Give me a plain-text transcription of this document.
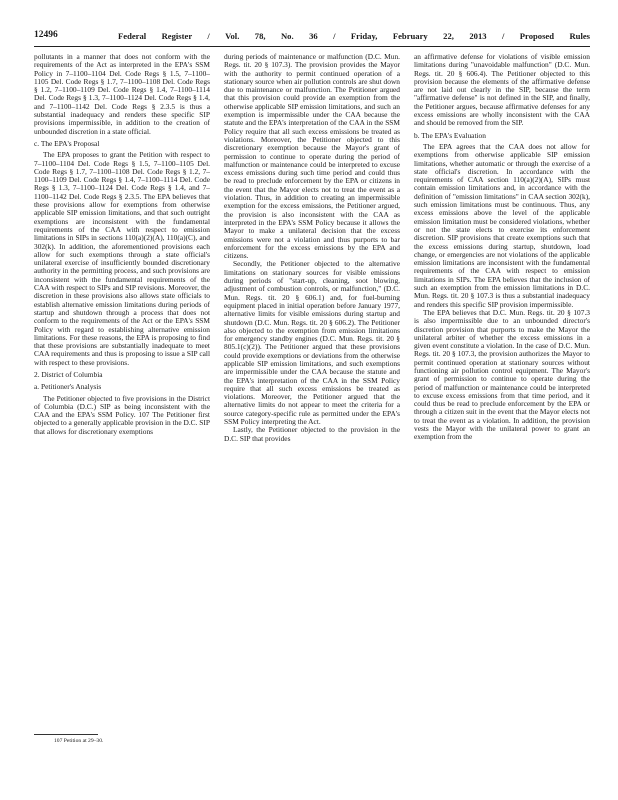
12496	Federal Register / Vol. 78, No. 36 / Friday, February 22, 2013 / Proposed Rules

pollutants in a manner that does not conform with the requirements of the Act as interpreted in the EPA's SSM Policy in 7–1100–1104 Del. Code Regs § 1.5, 7–1100–1105 Del. Code Regs § 1.7, 7–1100–1108 Del. Code Regs § 1.2, 7–1100–1109 Del. Code Regs § 1.4, 7–1100–1114 Del. Code Regs § 1.3, 7–1100–1124 Del. Code Regs § 1.4, and 7–1100–1142 Del. Code Regs § 2.3.5 is thus a substantial inadequacy and renders these specific SIP provisions impermissible, in addition to the creation of unbounded discretion in a state official.

c. The EPA's Proposal

The EPA proposes to grant the Petition with respect to 7–1100–1104 Del. Code Regs § 1.5, 7–1100–1105 Del. Code Regs § 1.7, 7–1100–1108 Del. Code Regs § 1.2, 7–1100–1109 Del. Code Regs § 1.4, 7–1100–1114 Del. Code Regs § 1.3, 7–1100–1124 Del. Code Regs § 1.4, and 7–1100–1142 Del. Code Regs § 2.3.5. The EPA believes that these provisions allow for exemptions from otherwise applicable SIP emission limitations, and that such outright exemptions are inconsistent with the fundamental requirements of the CAA with respect to emission limitations in SIPs in sections 110(a)(2)(A), 110(a)(C), and 302(k). In addition, the aforementioned provisions each allow for such exemptions through a state official's unilateral exercise of insufficiently bounded discretionary authority in the permitting process, and such provisions are inconsistent with the fundamental requirements of the CAA with respect to SIPs and SIP revisions. Moreover, the discretion in these provisions also allows state officials to establish alternative emission limitations during periods of startup and shutdown through a process that does not conform to the requirements of the Act or the EPA's SSM Policy with regard to establishing alternative emission limitations. For these reasons, the EPA is proposing to find that these provisions are substantially inadequate to meet CAA requirements and thus is proposing to issue a SIP call with respect to these provisions.

2. District of Columbia

a. Petitioner's Analysis

The Petitioner objected to five provisions in the District of Columbia (D.C.) SIP as being inconsistent with the CAA and the EPA's SSM Policy. 107 The Petitioner first objected to a generally applicable provision in the D.C. SIP that allows for discretionary exemptions

during periods of maintenance or malfunction (D.C. Mun. Regs. tit. 20 § 107.3). The provision provides the Mayor with the authority to permit continued operation of a stationary source when air pollution controls are shut down due to maintenance or malfunction. The Petitioner argued that this provision could provide an exemption from the otherwise applicable SIP emission limitations, and such an exemption is impermissible under the CAA because the statute and the EPA's interpretation of the CAA in the SSM Policy require that all such excess emissions be treated as violations. Moreover, the Petitioner objected to this discretionary exemption because the Mayor's grant of permission to continue to operate during the period of malfunction or maintenance could be interpreted to excuse excess emissions during such time period and could thus be read to preclude enforcement by the EPA or citizens in the event that the Mayor elects not to treat the event as a violation. Thus, in addition to creating an impermissible exemption for the excess emissions, the Petitioner argued, the provision is also inconsistent with the CAA as interpreted in the EPA's SSM Policy because it allows the Mayor to make a unilateral decision that the excess emissions were not a violation and thus purports to bar enforcement for the excess emissions by the EPA and citizens.

Secondly, the Petitioner objected to the alternative limitations on stationary sources for visible emissions during periods of "start-up, cleaning, soot blowing, adjustment of combustion controls, or malfunction," (D.C. Mun. Regs. tit. 20 § 606.1) and, for fuel-burning equipment placed in initial operation before January 1977, alternative limits for visible emissions during startup and shutdown (D.C. Mun. Regs. tit. 20 § 606.2). The Petitioner also objected to the exemption from emission limitations for emergency standby engines (D.C. Mun. Regs. tit. 20 § 805.1(c)(2)). The Petitioner argued that these provisions could provide exemptions or deviations from the otherwise applicable SIP emission limitations, and such exemptions are impermissible under the CAA because the statute and the EPA's interpretation of the CAA in the SSM Policy require that all such excess emissions be treated as violations. Moreover, the Petitioner argued that the alternative limits do not appear to meet the criteria for a source category-specific rule as permitted under the EPA's SSM Policy interpreting the Act.

Lastly, the Petitioner objected to the provision in the D.C. SIP that provides

an affirmative defense for violations of visible emission limitations during "unavoidable malfunction" (D.C. Mun. Regs. tit. 20 § 606.4). The Petitioner objected to this provision because the elements of the affirmative defense are not laid out clearly in the SIP, because the term "affirmative defense" is not defined in the SIP, and finally, the Petitioner argues, because affirmative defenses for any excess emissions are wholly inconsistent with the CAA and should be removed from the SIP.

b. The EPA's Evaluation

The EPA agrees that the CAA does not allow for exemptions from otherwise applicable SIP emission limitations, whether automatic or through the exercise of a state official's discretion. In accordance with the requirements of CAA section 110(a)(2)(A), SIPs must contain emission limitations and, in accordance with the definition of "emission limitations" in CAA section 302(k), such emission limitations must be continuous. Thus, any excess emissions above the level of the applicable emission limitation must be considered violations, whether or not the state elects to exercise its enforcement discretion. SIP provisions that create exemptions such that the excess emissions during startup, shutdown, load change, or emergencies are not violations of the applicable emission limitations are inconsistent with the fundamental requirements of the CAA with respect to emission limitations in SIPs. The EPA believes that the inclusion of such an exemption from the emission limitations in D.C. Mun. Regs. tit. 20 § 107.3 is thus a substantial inadequacy and renders this specific SIP provision impermissible.

The EPA believes that D.C. Mun. Regs. tit. 20 § 107.3 is also impermissible due to an unbounded director's discretion provision that purports to make the Mayor the unilateral arbiter of whether the excess emissions in a given event constitute a violation. In the case of D.C. Mun. Regs. tit. 20 § 107.3, the provision authorizes the Mayor to permit continued operation at stationary sources without functioning air pollution control equipment. The Mayor's grant of permission to continue to operate during the period of malfunction or maintenance could be interpreted to excuse excess emissions from that time period, and it could thus be read to preclude enforcement by the EPA or through a citizen suit in the event that the Mayor elects not to treat the event as a violation. In addition, the provision vests the Mayor with the unilateral power to grant an exemption from the

107 Petition at 29–30.
